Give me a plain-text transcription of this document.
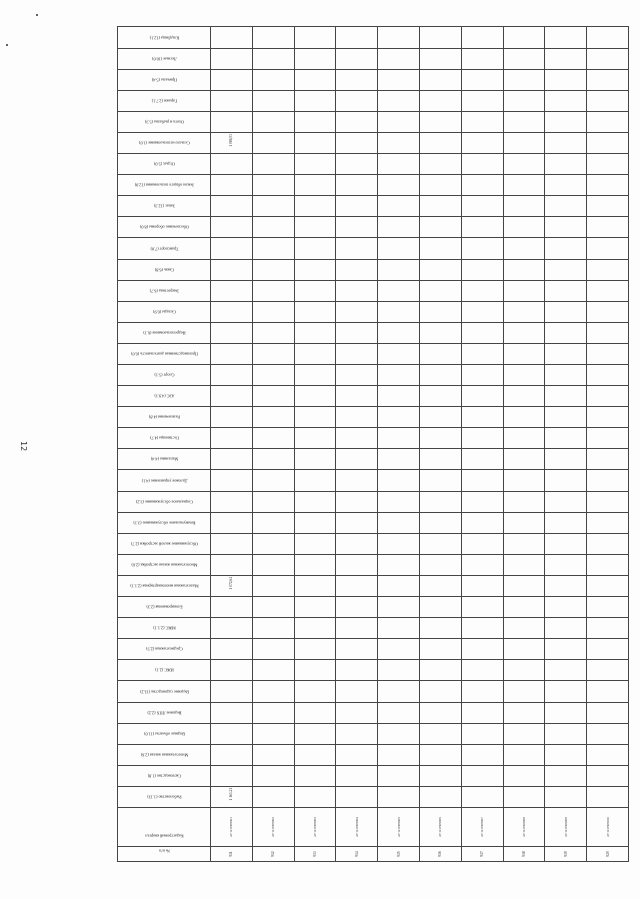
12
№ п/п	Кадастровый квартал	Рыболовство (1.13)	Скотоводство (1.8)	Многоэтажная жилая (2.6)	Водные объекты (11.0)	Ведение ЛПХ (2.2)	Ведение садоводства (13.2)	ИЖС (2.1)	Среднеэтажная (2.5)	МЖС (2.1.1)	Блокированная (2.3)	Малоэтажная многоквартирная (2.1.1)	Многоэтажная жилая застройка (2.6)	Обслуживание жилой застройки (2.7)	Коммунальное обслуживание (3.1)	Социальное обслуживание (3.2)	Деловое управление (4.1)	Магазины (4.4)	Гостиницы (4.7)	Развлечения (4.8)	АЗС (4.9.1)	Спорт (5.1)	Производственная деятельность (6.0)	Недропользование (6.1)	Склады (6.9)	Энергетика (6.7)	Связь (6.8)	Транспорт (7.0)	Обеспечение обороны (8.0)	Запас (12.3)	Земли общего пользования (12.0)	Отдых (5.0)	Сельхоз использование (1.0)	Охота и рыбалка (5.3)	Гаражи (2.7.1)	Причалы (5.4)	Лесные (10.0)	Кладбища (12.1)

911	47:11:0509001	1 163,21										1 072,64																					1 086,53					
912	47:11:0509002																																					
913	47:11:0509003																																					
914	47:11:0509004																																					
915	47:11:0509005																																					
916	47:11:0509006																																					
917	47:11:0509007																																					
918	47:11:0509008																																					
919	47:11:0509009																																					
920	47:11:0509010																																					
